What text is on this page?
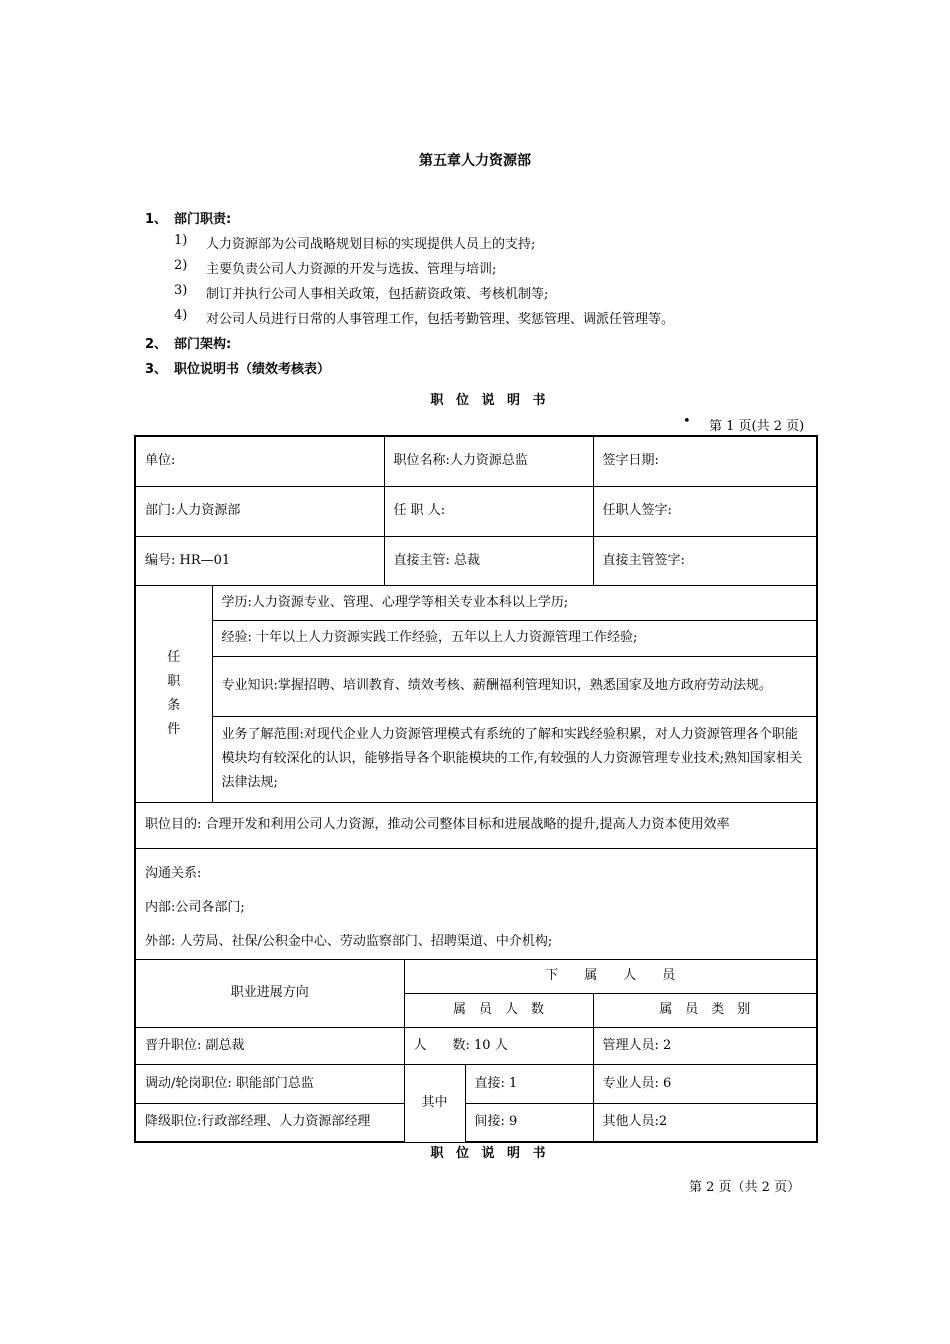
第五章人力资源部
1、 部门职责:
1) 人力资源部为公司战略规划目标的实现提供人员上的支持;
2) 主要负责公司人力资源的开发与选拔、管理与培训;
3) 制订并执行公司人事相关政策，包括薪资政策、考核机制等;
4) 对公司人员进行日常的人事管理工作，包括考勤管理、奖惩管理、调派任管理等。
2、 部门架构:
3、 职位说明书（绩效考核表）
职 位 说 明 书
• 第 1 页(共 2 页)
单位:		职位名称:人力资源总监			签字日期:
部门:人力资源部		任 职 人:			任职人签字:
编号: HR—01		直接主管: 总裁			直接主管签字:

任
职
条
件	学历:人力资源专业、管理、心理学等相关专业本科以上学历;				
	经验: 十年以上人力资源实践工作经验，五年以上人力资源管理工作经验;				
	专业知识:掌握招聘、培训教育、绩效考核、薪酬福利管理知识，熟悉国家及地方政府劳动法规。				
	业务了解范围:对现代企业人力资源管理模式有系统的了解和实践经验积累，对人力资源管理各个职能模块均有较深化的认识，能够指导各个职能模块的工作,有较强的人力资源管理专业技术;熟知国家相关法律法规;				
职位目的: 合理开发和利用公司人力资源，推动公司整体目标和进展战略的提升,提高人力资本使用效率					

沟通关系:
内部:公司各部门;
外部: 人劳局、社保/公积金中心、劳动监察部门、招聘渠道、中介机构;					

职业进展方向			下　　属　　人　　员		
			属　员　人　数		属　员　类　别
晋升职位: 副总裁			人　　数: 10 人		管理人员: 2
调动/轮岗职位: 职能部门总监			其中	直接: 1	专业人员: 6
降级职位:行政部经理、人力资源部经理				间接: 9	其他人员:2
职 位 说 明 书
第 2 页（共 2 页）
